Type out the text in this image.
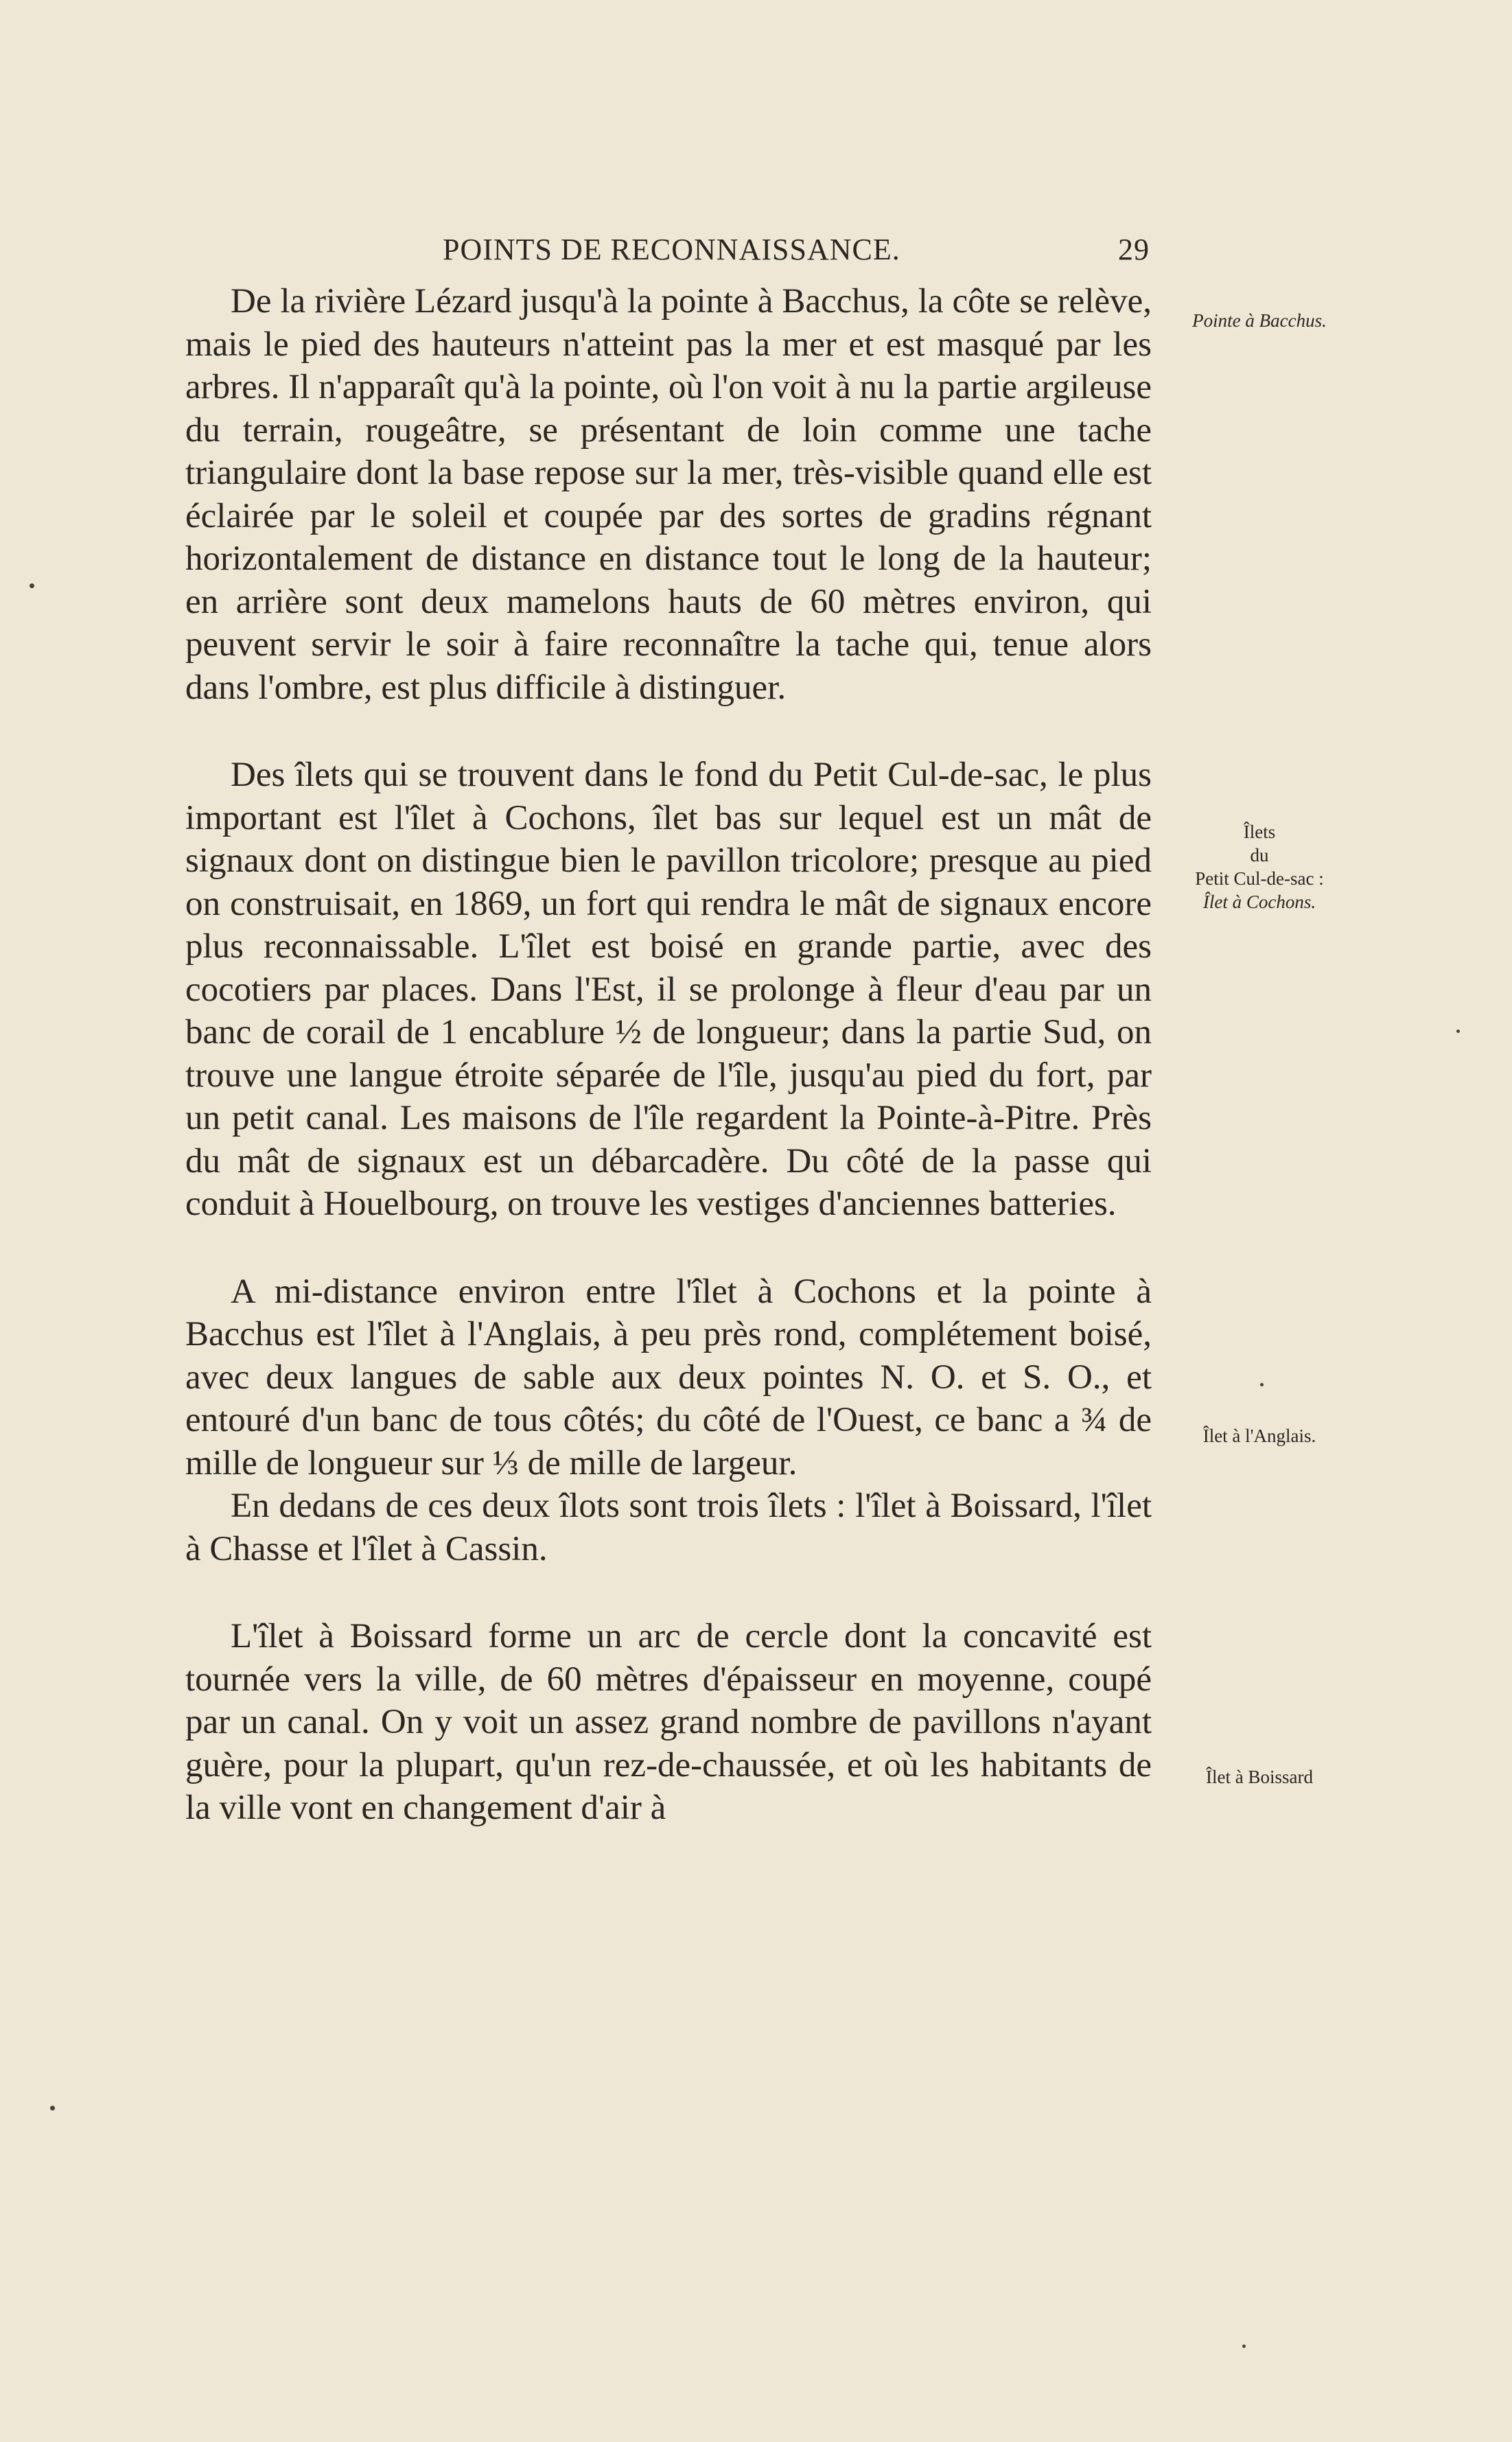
POINTS DE RECONNAISSANCE.	29

De la rivière Lézard jusqu'à la pointe à Bacchus, la côte se relève, mais le pied des hauteurs n'atteint pas la mer et est masqué par les arbres. Il n'apparaît qu'à la pointe, où l'on voit à nu la partie argileuse du terrain, rougeâtre, se présentant de loin comme une tache triangulaire dont la base repose sur la mer, très-visible quand elle est éclairée par le soleil et coupée par des sortes de gradins régnant horizontalement de distance en distance tout le long de la hauteur; en arrière sont deux mamelons hauts de 60 mètres environ, qui peuvent servir le soir à faire reconnaître la tache qui, tenue alors dans l'ombre, est plus difficile à distinguer.

Des îlets qui se trouvent dans le fond du Petit Cul-de-sac, le plus important est l'îlet à Cochons, îlet bas sur lequel est un mât de signaux dont on distingue bien le pavillon tricolore; presque au pied on construisait, en 1869, un fort qui rendra le mât de signaux encore plus reconnaissable. L'îlet est boisé en grande partie, avec des cocotiers par places. Dans l'Est, il se prolonge à fleur d'eau par un banc de corail de 1 encablure ½ de longueur; dans la partie Sud, on trouve une langue étroite séparée de l'île, jusqu'au pied du fort, par un petit canal. Les maisons de l'île regardent la Pointe-à-Pitre. Près du mât de signaux est un débarcadère. Du côté de la passe qui conduit à Houelbourg, on trouve les vestiges d'anciennes batteries.

A mi-distance environ entre l'îlet à Cochons et la pointe à Bacchus est l'îlet à l'Anglais, à peu près rond, complétement boisé, avec deux langues de sable aux deux pointes N. O. et S. O., et entouré d'un banc de tous côtés; du côté de l'Ouest, ce banc a ¾ de mille de longueur sur ⅓ de mille de largeur.

En dedans de ces deux îlots sont trois îlets : l'îlet à Boissard, l'îlet à Chasse et l'îlet à Cassin.

L'îlet à Boissard forme un arc de cercle dont la concavité est tournée vers la ville, de 60 mètres d'épaisseur en moyenne, coupé par un canal. On y voit un assez grand nombre de pavillons n'ayant guère, pour la plupart, qu'un rez-de-chaussée, et où les habitants de la ville vont en changement d'air à

Pointe à Bacchus.
Îlets
du
Petit Cul-de-sac :
Îlet à Cochons.
Îlet à l'Anglais.
Îlet à Boissard
